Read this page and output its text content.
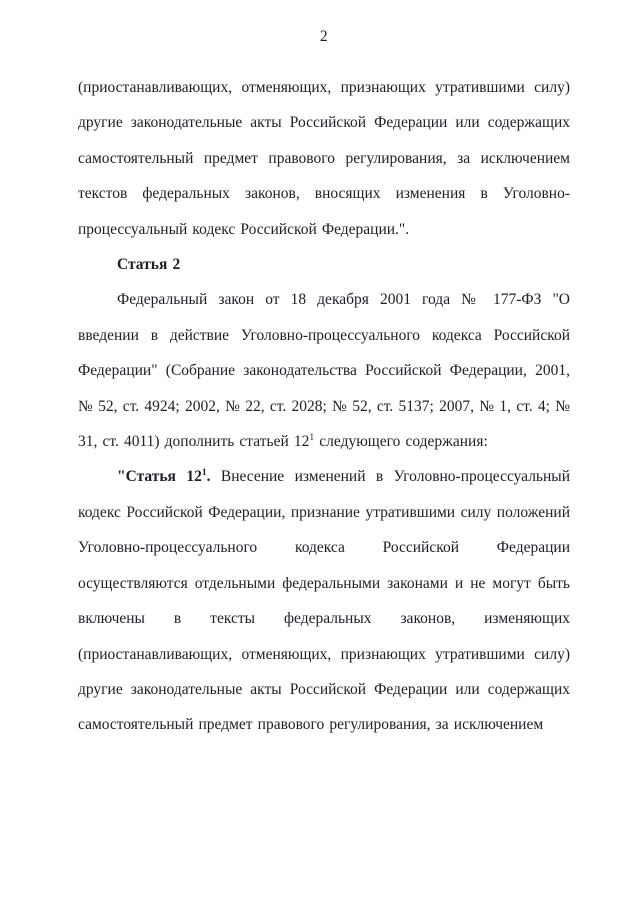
2

(приостанавливающих, отменяющих, признающих утратившими силу) другие законодательные акты Российской Федерации или содержащих самостоятельный предмет правового регулирования, за исключением текстов федеральных законов, вносящих изменения в Уголовно-процессуальный кодекс Российской Федерации.".

Статья 2

Федеральный закон от 18 декабря 2001 года № 177-ФЗ "О введении в действие Уголовно-процессуального кодекса Российской Федерации" (Собрание законодательства Российской Федерации, 2001, № 52, ст. 4924; 2002, № 22, ст. 2028; № 52, ст. 5137; 2007, № 1, ст. 4; № 31, ст. 4011) дополнить статьей $12^1$ следующего содержания:

"Статья $12^1$. Внесение изменений в Уголовно-процессуальный кодекс Российской Федерации, признание утратившими силу положений Уголовно-процессуального кодекса Российской Федерации осуществляются отдельными федеральными законами и не могут быть включены в тексты федеральных законов, изменяющих (приостанавливающих, отменяющих, признающих утратившими силу) другие законодательные акты Российской Федерации или содержащих самостоятельный предмет правового регулирования, за исключением
